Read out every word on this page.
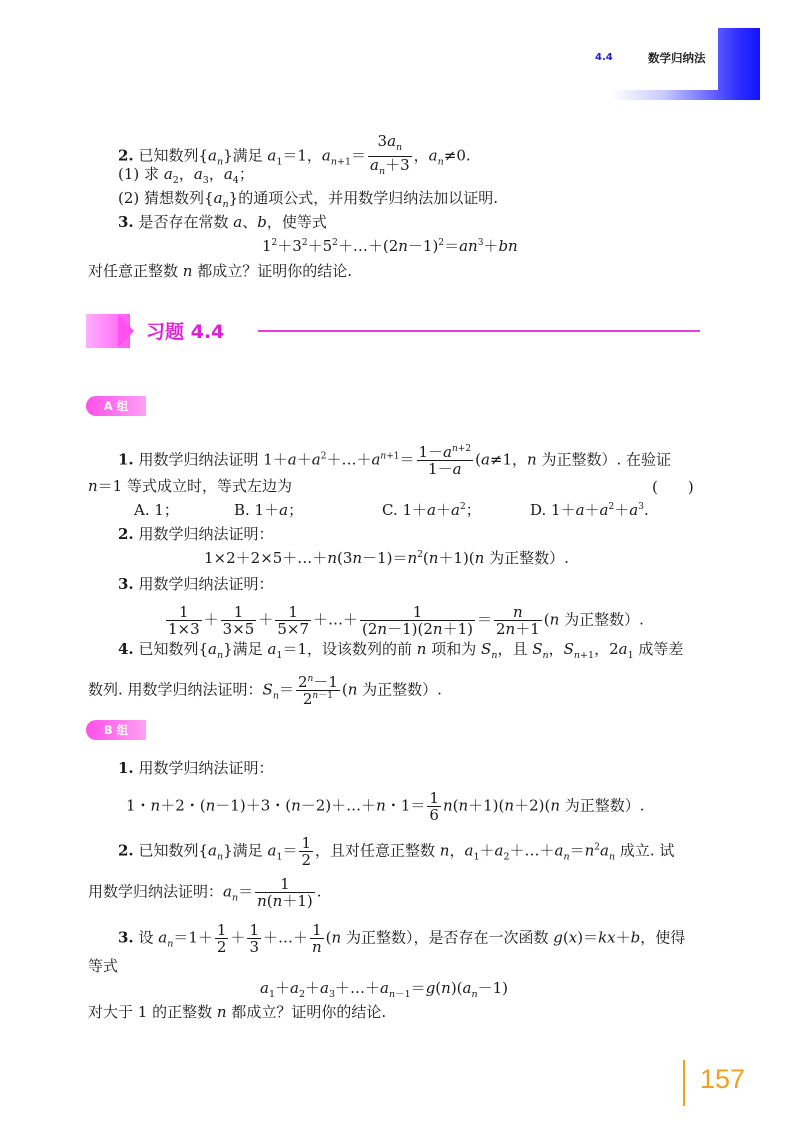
4.4	数学归纳法
2. 已知数列$\{a_n\}$满足 $a_1=1$，$a_{n+1}= \frac{3a_n}{a_n+3}$ ，$a_n\ne 0$.
(1) 求 $a_2$，$a_3$，$a_4$；
(2) 猜想数列$\{a_n\}$的通项公式，并用数学归纳法加以证明.
3. 是否存在常数 a、b，使等式
$1^2+3^2+5^2+\dots+(2n-1)^2=an^3+bn$
对任意正整数 n 都成立？证明你的结论.
习题 4.4
A 组
1. 用数学归纳法证明 $1+a+a^2+\dots+a^{n+1}= \frac{1-a^{n+2}}{1-a} (a\ne 1$，n 为正整数）. 在验证
n＝1 等式成立时，等式左边为	(  )
A. 1；	B. 1＋a；	C. $1+a+a^2$；	D. $1+a+a^2+a^3$.
2. 用数学归纳法证明：
$1\times 2+2\times 5+\dots+n(3n-1)=n^2(n+1)(n$ 为正整数）.
3. 用数学归纳法证明：
$\frac{1}{1\times 3} + \frac{1}{3\times 5} + \frac{1}{5\times 7}$ ＋…＋ $\frac{1}{(2n-1)(2n+1)} = \frac{n}{2n+1} (n$ 为正整数）.
4. 已知数列$\{a_n\}$满足 $a_1=1$，设该数列的前 n 项和为 $S_n$，且 $S_n$，$S_{n+1}$，$2a_1$ 成等差
数列. 用数学归纳法证明：$S_n= \frac{2^n-1}{2^{n-1}} (n$ 为正整数）.
B 组
1. 用数学归纳法证明：
1・n＋2・(n－1)＋3・(n－2)＋…＋n・$1= \frac{1}{6} n(n+1)(n+2)(n$ 为正整数）.
2. 已知数列$\{a_n\}$满足 $a_1= \frac{1}{2}$ ，且对任意正整数 n，$a_1+a_2+\dots+a_n=n^2a_n$ 成立. 试
用数学归纳法证明：$a_n= \frac{1}{n(n+1)}$ .
3. 设 $a_n=1+ \frac{1}{2} + \frac{1}{3}$ ＋…＋ $\frac{1}{n} (n$ 为正整数），是否存在一次函数 g(x)＝kx＋b，使得
等式
$a_1+a_2+a_3+\dots+a_{n-1}=g(n)(a_n-1)$
对大于 1 的正整数 n 都成立？证明你的结论.
157
